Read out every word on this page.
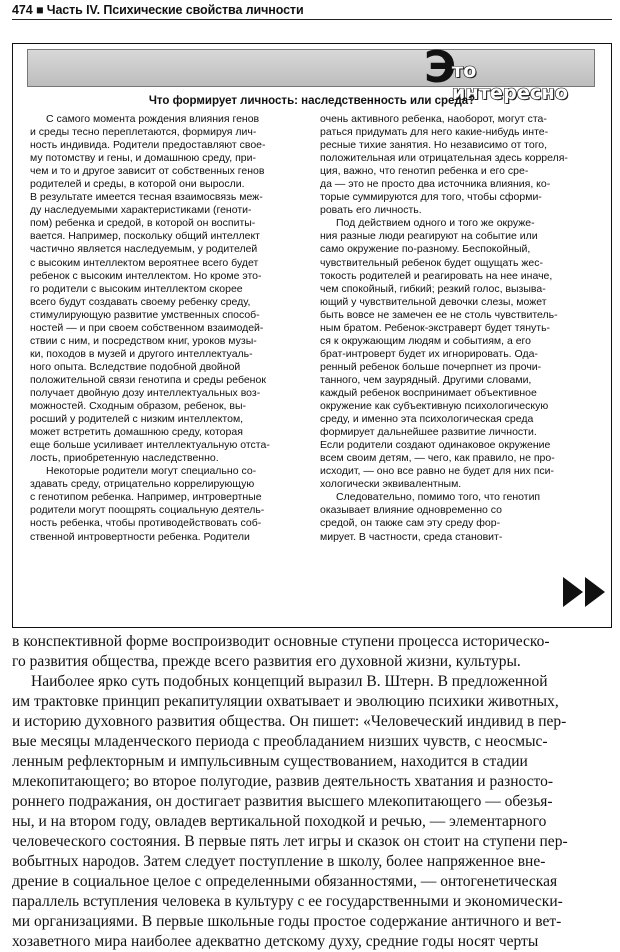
474 ■ Часть IV. Психические свойства личности
Э
то интересно
Что формирует личность: наследственность или среда?
С самого момента рождения влияния генов
и среды тесно переплетаются, формируя лич-
ность индивида. Родители предоставляют свое-
му потомству и гены, и домашнюю среду, при-
чем и то и другое зависит от собственных генов
родителей и среды, в которой они выросли.
В результате имеется тесная взаимосвязь меж-
ду наследуемыми характеристиками (геноти-
пом) ребенка и средой, в которой он воспиты-
вается. Например, поскольку общий интеллект
частично является наследуемым, у родителей
с высоким интеллектом вероятнее всего будет
ребенок с высоким интеллектом. Но кроме это-
го родители с высоким интеллектом скорее
всего будут создавать своему ребенку среду,
стимулирующую развитие умственных способ-
ностей — и при своем собственном взаимодей-
ствии с ним, и посредством книг, уроков музы-
ки, походов в музей и другого интеллектуаль-
ного опыта. Вследствие подобной двойной
положительной связи генотипа и среды ребенок
получает двойную дозу интеллектуальных воз-
можностей. Сходным образом, ребенок, вы-
росший у родителей с низким интеллектом,
может встретить домашнюю среду, которая
еще больше усиливает интеллектуальную отста-
лость, приобретенную наследственно.
Некоторые родители могут специально со-
здавать среду, отрицательно коррелирующую
с генотипом ребенка. Например, интровертные
родители могут поощрять социальную деятель-
ность ребенка, чтобы противодействовать соб-
ственной интровертности ребенка. Родители
очень активного ребенка, наоборот, могут ста-
раться придумать для него какие-нибудь инте-
ресные тихие занятия. Но независимо от того,
положительная или отрицательная здесь корреля-
ция, важно, что генотип ребенка и его сре-
да — это не просто два источника влияния, ко-
торые суммируются для того, чтобы сформи-
ровать его личность.
Под действием одного и того же окруже-
ния разные люди реагируют на событие или
само окружение по-разному. Беспокойный,
чувствительный ребенок будет ощущать жес-
токость родителей и реагировать на нее иначе,
чем спокойный, гибкий; резкий голос, вызыва-
ющий у чувствительной девочки слезы, может
быть вовсе не замечен ее не столь чувствитель-
ным братом. Ребенок-экстраверт будет тянуть-
ся к окружающим людям и событиям, а его
брат-интроверт будет их игнорировать. Ода-
ренный ребенок больше почерпнет из прочи-
танного, чем заурядный. Другими словами,
каждый ребенок воспринимает объективное
окружение как субъективную психологическую
среду, и именно эта психологическая среда
формирует дальнейшее развитие личности.
Если родители создают одинаковое окружение
всем своим детям, — чего, как правило, не про-
исходит, — оно все равно не будет для них пси-
хологически эквивалентным.
Следовательно, помимо того, что генотип
оказывает влияние одновременно со
средой, он также сам эту среду фор-
мирует. В частности, среда становит-
в конспективной форме воспроизводит основные ступени процесса историческо-
го развития общества, прежде всего развития его духовной жизни, культуры.
Наиболее ярко суть подобных концепций выразил В. Штерн. В предложенной
им трактовке принцип рекапитуляции охватывает и эволюцию психики животных,
и историю духовного развития общества. Он пишет: «Человеческий индивид в пер-
вые месяцы младенческого периода с преобладанием низших чувств, с неосмыс-
ленным рефлекторным и импульсивным существованием, находится в стадии
млекопитающего; во второе полугодие, развив деятельность хватания и разносто-
роннего подражания, он достигает развития высшего млекопитающего — обезья-
ны, и на втором году, овладев вертикальной походкой и речью, — элементарного
человеческого состояния. В первые пять лет игры и сказок он стоит на ступени пер-
вобытных народов. Затем следует поступление в школу, более напряженное вне-
дрение в социальное целое с определенными обязанностями, — онтогенетическая
параллель вступления человека в культуру с ее государственными и экономически-
ми организациями. В первые школьные годы простое содержание античного и вет-
хозаветного мира наиболее адекватно детскому духу, средние годы носят черты
